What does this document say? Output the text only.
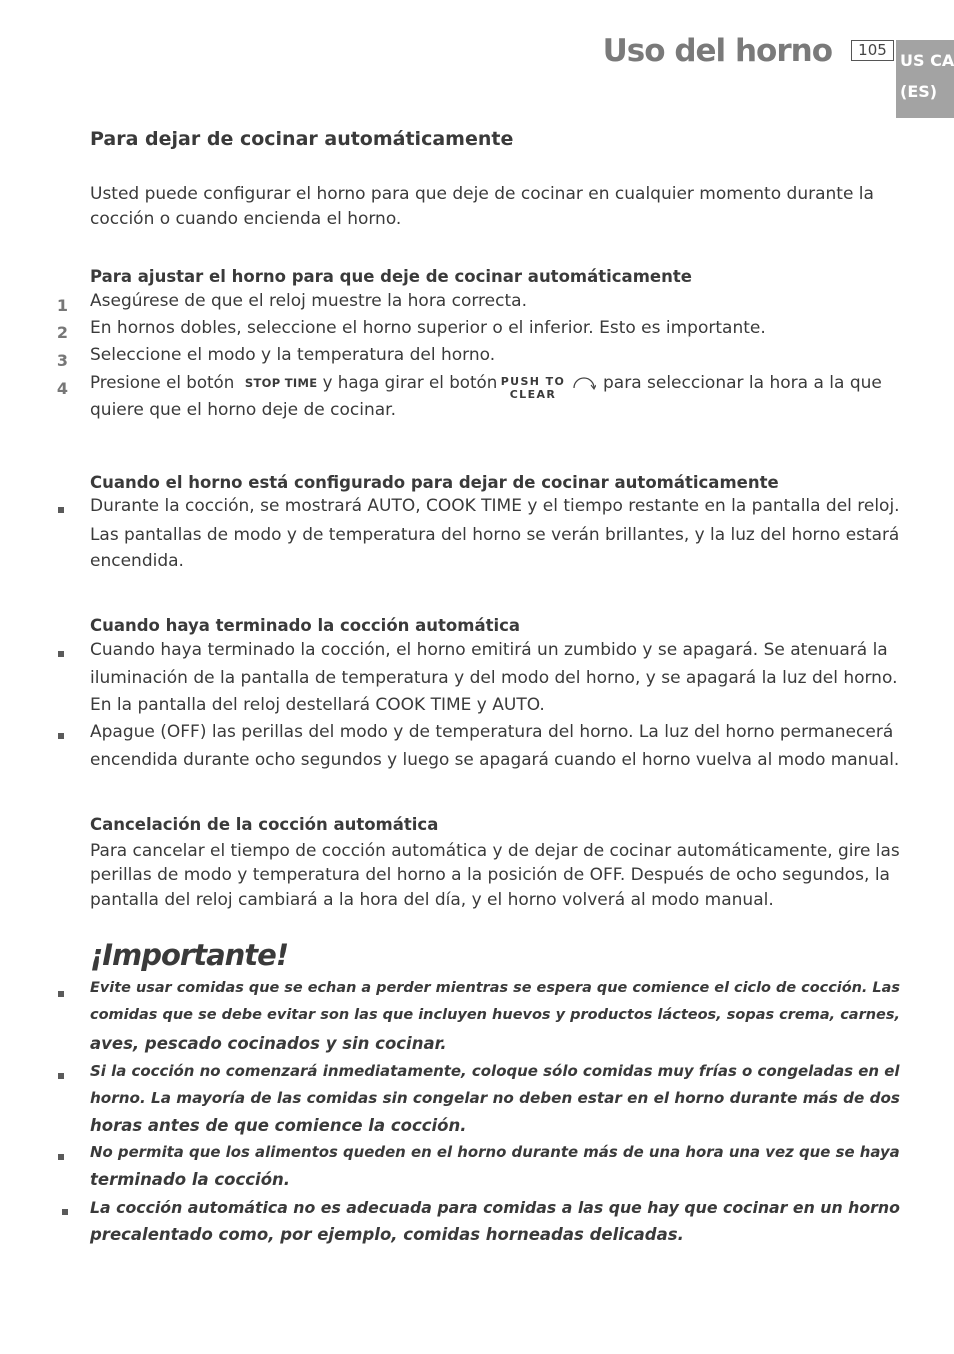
Uso del horno	105
US CA
(ES)
Para dejar de cocinar automáticamente
Usted puede configurar el horno para que deje de cocinar en cualquier momento durante la
cocción o cuando encienda el horno.
Para ajustar el horno para que deje de cocinar automáticamente
1 Asegúrese de que el reloj muestre la hora correcta.
2 En hornos dobles, seleccione el horno superior o el inferior. Esto es importante.
3 Seleccione el modo y la temperatura del horno.
4 Presione el botón STOP TIME y haga girar el botón PUSH TO
CLEAR
para seleccionar la hora a la que
quiere que el horno deje de cocinar.
Cuando el horno está configurado para dejar de cocinar automáticamente
Durante la cocción, se mostrará AUTO, COOK TIME y el tiempo restante en la pantalla del reloj.
Las pantallas de modo y de temperatura del horno se verán brillantes, y la luz del horno estará
encendida.
Cuando haya terminado la cocción automática
Cuando haya terminado la cocción, el horno emitirá un zumbido y se apagará. Se atenuará la
iluminación de la pantalla de temperatura y del modo del horno, y se apagará la luz del horno.
En la pantalla del reloj destellará COOK TIME y AUTO.
Apague (OFF) las perillas del modo y de temperatura del horno. La luz del horno permanecerá
encendida durante ocho segundos y luego se apagará cuando el horno vuelva al modo manual.
Cancelación de la cocción automática
Para cancelar el tiempo de cocción automática y de dejar de cocinar automáticamente, gire las
perillas de modo y temperatura del horno a la posición de OFF. Después de ocho segundos, la
pantalla del reloj cambiará a la hora del día, y el horno volverá al modo manual.
¡Importante!
Evite usar comidas que se echan a perder mientras se espera que comience el ciclo de cocción. Las
comidas que se debe evitar son las que incluyen huevos y productos lácteos, sopas crema, carnes,
aves, pescado cocinados y sin cocinar.
Si la cocción no comenzará inmediatamente, coloque sólo comidas muy frías o congeladas en el
horno. La mayoría de las comidas sin congelar no deben estar en el horno durante más de dos
horas antes de que comience la cocción.
No permita que los alimentos queden en el horno durante más de una hora una vez que se haya
terminado la cocción.
La cocción automática no es adecuada para comidas a las que hay que cocinar en un horno
precalentado como, por ejemplo, comidas horneadas delicadas.
